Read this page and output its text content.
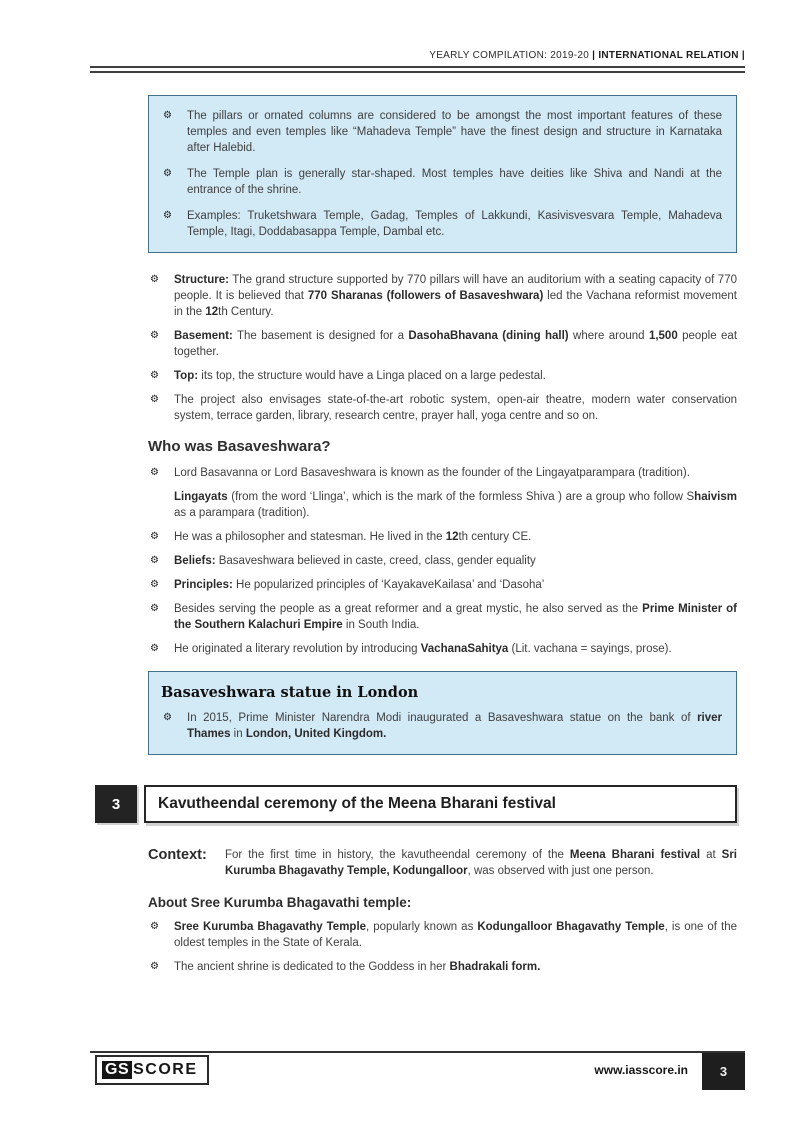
YEARLY COMPILATION: 2019-20 | INTERNATIONAL RELATION |
⚙ The pillars or ornated columns are considered to be amongst the most important features of these temples and even temples like “Mahadeva Temple” have the finest design and structure in Karnataka after Halebid.
⚙ The Temple plan is generally star-shaped. Most temples have deities like Shiva and Nandi at the entrance of the shrine.
⚙ Examples: Truketshwara Temple, Gadag, Temples of Lakkundi, Kasivisvesvara Temple, Mahadeva Temple, Itagi, Doddabasappa Temple, Dambal etc.
⚙ Structure: The grand structure supported by 770 pillars will have an auditorium with a seating capacity of 770 people. It is believed that 770 Sharanas (followers of Basaveshwara) led the Vachana reformist movement in the 12th Century.
⚙ Basement: The basement is designed for a DasohaBhavana (dining hall) where around 1,500 people eat together.
⚙ Top: its top, the structure would have a Linga placed on a large pedestal.
⚙ The project also envisages state-of-the-art robotic system, open-air theatre, modern water conservation system, terrace garden, library, research centre, prayer hall, yoga centre and so on.
Who was Basaveshwara?
⚙ Lord Basavanna or Lord Basaveshwara is known as the founder of the Lingayatparampara (tradition).
Lingayats (from the word ‘Llinga’, which is the mark of the formless Shiva ) are a group who follow Shaivism as a parampara (tradition).
⚙ He was a philosopher and statesman. He lived in the 12th century CE.
⚙ Beliefs: Basaveshwara believed in caste, creed, class, gender equality
⚙ Principles: He popularized principles of ‘KayakaveKailasa’ and ‘Dasoha’
⚙ Besides serving the people as a great reformer and a great mystic, he also served as the Prime Minister of the Southern Kalachuri Empire in South India.
⚙ He originated a literary revolution by introducing VachanaSahitya (Lit. vachana = sayings, prose).
Basaveshwara statue in London
⚙ In 2015, Prime Minister Narendra Modi inaugurated a Basaveshwara statue on the bank of river Thames in London, United Kingdom.
3	Kavutheendal ceremony of the Meena Bharani festival
Context:	For the first time in history, the kavutheendal ceremony of the Meena Bharani festival at Sri Kurumba Bhagavathy Temple, Kodungalloor, was observed with just one person.
About Sree Kurumba Bhagavathi temple:
⚙ Sree Kurumba Bhagavathy Temple, popularly known as Kodungalloor Bhagavathy Temple, is one of the oldest temples in the State of Kerala.
⚙ The ancient shrine is dedicated to the Goddess in her Bhadrakali form.
GS SCORE	www.iasscore.in	3
